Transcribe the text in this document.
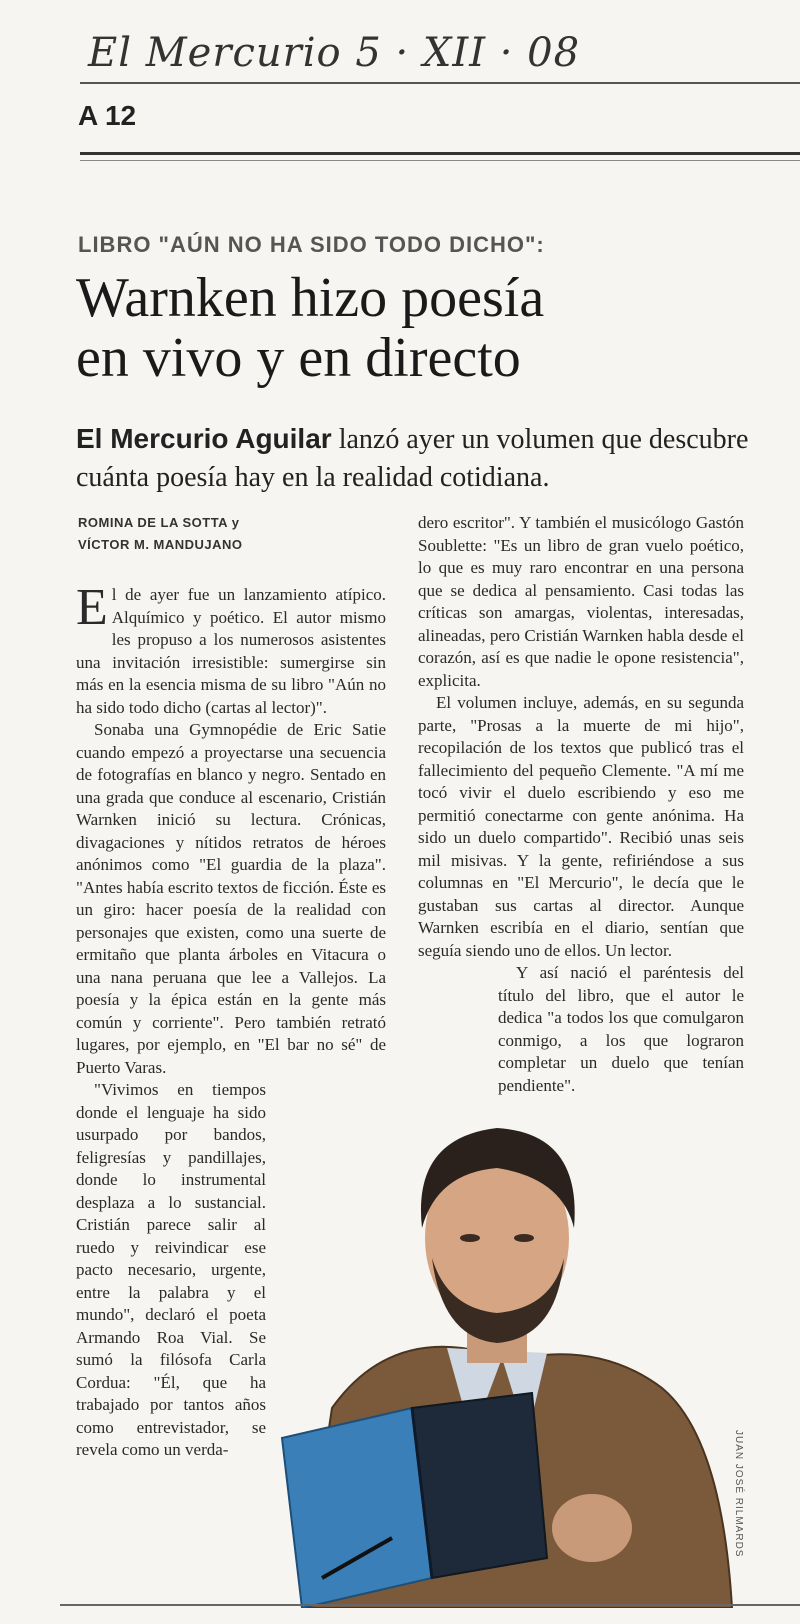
El Mercurio 5 · XII · 08
A 12
LIBRO "AÚN NO HA SIDO TODO DICHO":
Warnken hizo poesía
en vivo y en directo
El Mercurio Aguilar lanzó ayer un volumen que descubre cuánta poesía hay en la realidad cotidiana.
ROMINA DE LA SOTTA y
VÍCTOR M. MANDUJANO

El de ayer fue un lanzamiento atípico. Alquímico y poético. El autor mismo les propuso a los numerosos asistentes una invitación irresistible: sumergirse sin más en la esencia misma de su libro "Aún no ha sido todo dicho (cartas al lector)".

Sonaba una Gymnopédie de Eric Satie cuando empezó a proyectarse una secuencia de fotografías en blanco y negro. Sentado en una grada que conduce al escenario, Cristián Warnken inició su lectura. Crónicas, divagaciones y nítidos retratos de héroes anónimos como "El guardia de la plaza". "Antes había escrito textos de ficción. Éste es un giro: hacer poesía de la realidad con personajes que existen, como una suerte de ermitaño que planta árboles en Vitacura o una nana peruana que lee a Vallejos. La poesía y la épica están en la gente más común y corriente". Pero también retrató lugares, por ejemplo, en "El bar no sé" de Puerto Varas.

"Vivimos en tiempos donde el lenguaje ha sido usurpado por bandos, feligresías y pandillajes, donde lo instrumental desplaza a lo sustancial. Cristián parece salir al ruedo y reivindicar ese pacto necesario, urgente, entre la palabra y el mundo", declaró el poeta Armando Roa Vial. Se sumó la filósofa Carla Cordua: "Él, que ha trabajado por tantos años como entrevistador, se revela como un verda-

dero escritor". Y también el musicólogo Gastón Soublette: "Es un libro de gran vuelo poético, lo que es muy raro encontrar en una persona que se dedica al pensamiento. Casi todas las críticas son amargas, violentas, interesadas, alineadas, pero Cristián Warnken habla desde el corazón, así es que nadie le opone resistencia", explicita.

El volumen incluye, además, en su segunda parte, "Prosas a la muerte de mi hijo", recopilación de los textos que publicó tras el fallecimiento del pequeño Clemente. "A mí me tocó vivir el duelo escribiendo y eso me permitió conectarme con gente anónima. Ha sido un duelo compartido". Recibió unas seis mil misivas. Y la gente, refiriéndose a sus columnas en "El Mercurio", le decía que le gustaban sus cartas al director. Aunque Warnken escribía en el diario, sentían que seguía siendo uno de ellos. Un lector.

Y así nació el paréntesis del título del libro, que el autor le dedica "a todos los que comulgaron conmigo, a los que lograron completar un duelo que tenían pendiente".

JUAN JOSÉ RILMARDS
